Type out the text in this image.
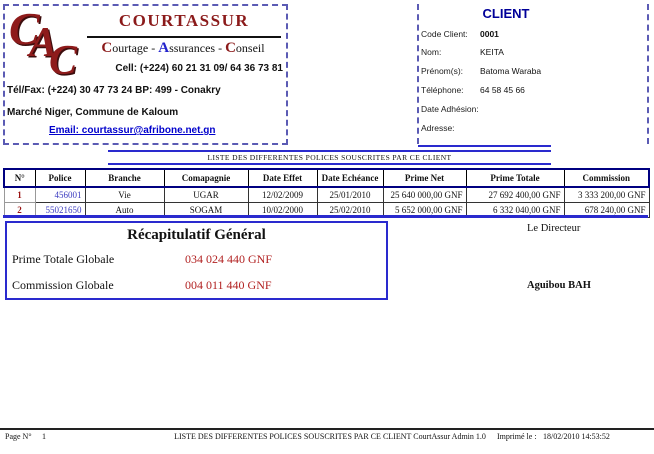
C
A
C
COURTASSUR
Courtage - Assurances - Conseil
Cell: (+224) 60 21 31 09/ 64 36 73 81
Tél/Fax: (+224) 30 47 73 24 BP: 499 - Conakry
Marché Niger, Commune de Kaloum
Email: courtassur@afribone.net.gn
CLIENT
Code Client: 0001
Nom:	KEITA
Prénom(s): Batoma Waraba
Téléphone: 64 58 45 66
Date Adhésion:
Adresse:
LISTE DES DIFFERENTES POLICES SOUSCRITES PAR CE CLIENT
N°	Police	Branche	Comapagnie	Date Effet	Date Echéance	Prime Net	Prime Totale	Commission
1	456001	Vie	UGAR	12/02/2009	25/01/2010	25 640 000,00 GNF	27 692 400,00 GNF	3 333 200,00 GNF
2	55021650	Auto	SOGAM	10/02/2000	25/02/2010	5 652 000,00 GNF	6 332 040,00 GNF	678 240,00 GNF
Récapitulatif Général
Prime Totale Globale	034 024 440 GNF
Commission Globale	004 011 440 GNF
Le Directeur
Aguibou BAH
Page N° 1	LISTE DES DIFFERENTES POLICES SOUSCRITES PAR CE CLIENT CourtAssur Admin 1.0	Imprimé le : 18/02/2010 14:53:52
